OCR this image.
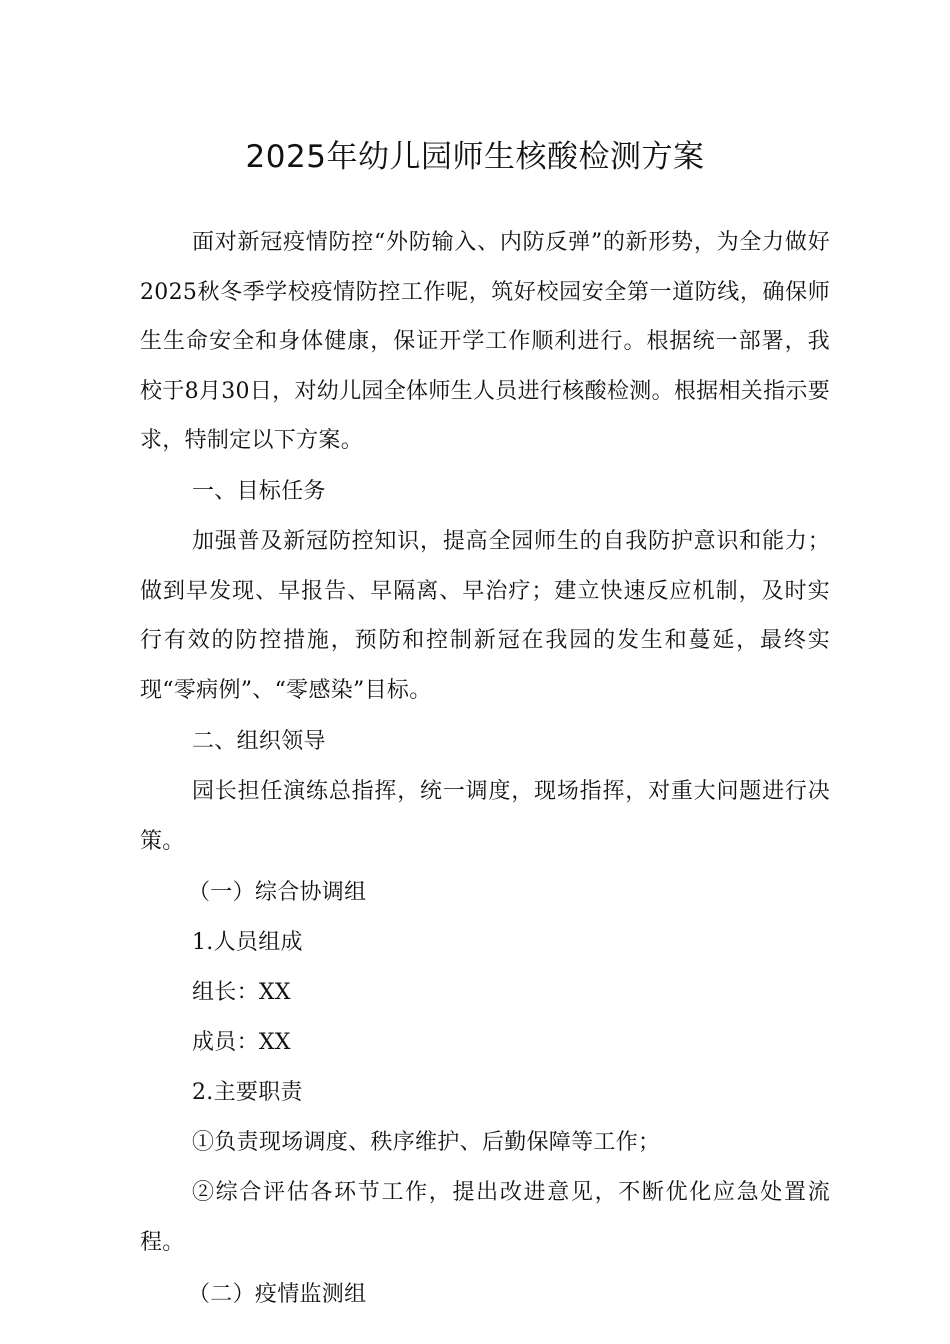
2025年幼儿园师生核酸检测方案
面对新冠疫情防控“外防输入、内防反弹”的新形势，为全力做好2025秋冬季学校疫情防控工作呢，筑好校园安全第一道防线，确保师生生命安全和身体健康，保证开学工作顺利进行。根据统一部署，我校于8月30日，对幼儿园全体师生人员进行核酸检测。根据相关指示要求，特制定以下方案。
一、目标任务
加强普及新冠防控知识，提高全园师生的自我防护意识和能力；做到早发现、早报告、早隔离、早治疗；建立快速反应机制，及时实行有效的防控措施，预防和控制新冠在我园的发生和蔓延，最终实现“零病例”、“零感染”目标。
二、组织领导
园长担任演练总指挥，统一调度，现场指挥，对重大问题进行决策。
（一）综合协调组
1.人员组成
组长：XX
成员：XX
2.主要职责
①负责现场调度、秩序维护、后勤保障等工作；
②综合评估各环节工作，提出改进意见，不断优化应急处置流程。
（二）疫情监测组
